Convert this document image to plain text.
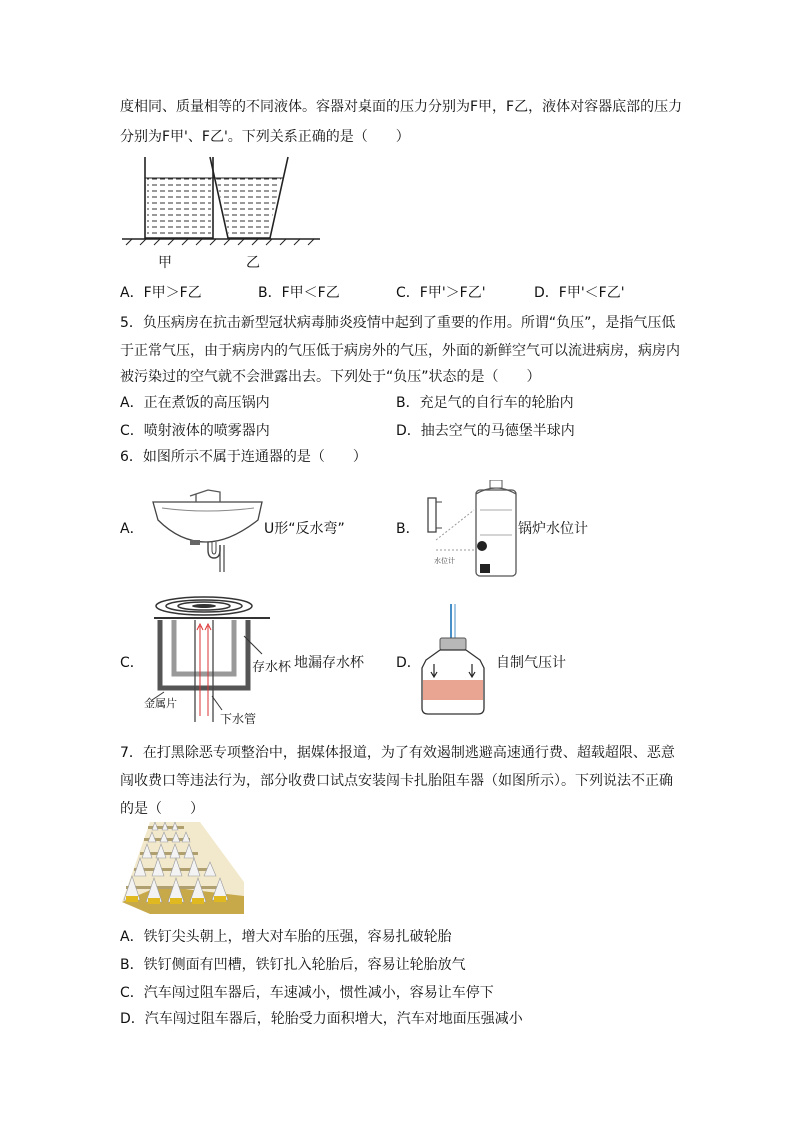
度相同、质量相等的不同液体。容器对桌面的压力分别为F甲，F乙，液体对容器底部的压力
分别为F甲'、F乙'。下列关系正确的是（　　）
甲	乙
A．F甲＞F乙	B．F甲＜F乙	C．F甲'＞F乙'	D．F甲'＜F乙'
5．负压病房在抗击新型冠状病毒肺炎疫情中起到了重要的作用。所谓“负压”，是指气压低
于正常气压，由于病房内的气压低于病房外的气压，外面的新鲜空气可以流进病房，病房内
被污染过的空气就不会泄露出去。下列处于“负压”状态的是（　　）
A．正在煮饭的高压锅内	B．充足气的自行车的轮胎内
C．喷射液体的喷雾器内	D．抽去空气的马德堡半球内
6．如图所示不属于连通器的是（　　）
A．	U形“反水弯”	B．
水位计
锅炉水位计
C．	存水杯
金属片
下水管
地漏存水杯 D．	自制气压计
7．在打黑除恶专项整治中，据媒体报道，为了有效遏制逃避高速通行费、超载超限、恶意
闯收费口等违法行为，部分收费口试点安装闯卡扎胎阻车器（如图所示）。下列说法不正确
的是（　　）
A．铁钉尖头朝上，增大对车胎的压强，容易扎破轮胎
B．铁钉侧面有凹槽，铁钉扎入轮胎后，容易让轮胎放气
C．汽车闯过阻车器后，车速减小，惯性减小，容易让车停下
D．汽车闯过阻车器后，轮胎受力面积增大，汽车对地面压强减小
